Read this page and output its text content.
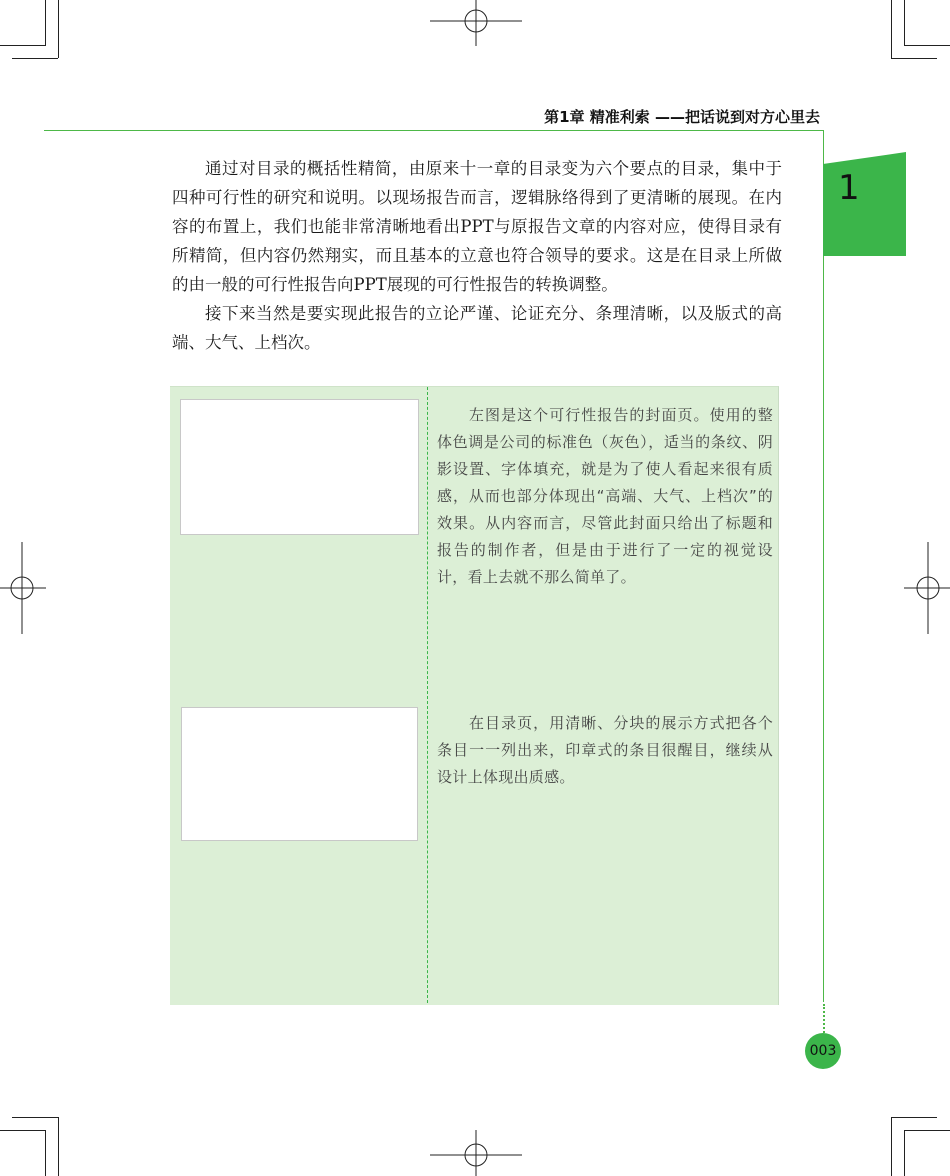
第1章 精准利索 ——把话说到对方心里去
1

通过对目录的概括性精简，由原来十一章的目录变为六个要点的目录，集中于四种可行性的研究和说明。以现场报告而言，逻辑脉络得到了更清晰的展现。在内容的布置上，我们也能非常清晰地看出PPT与原报告文章的内容对应，使得目录有所精简，但内容仍然翔实，而且基本的立意也符合领导的要求。这是在目录上所做的由一般的可行性报告向PPT展现的可行性报告的转换调整。

接下来当然是要实现此报告的立论严谨、论证充分、条理清晰，以及版式的高端、大气、上档次。

左图是这个可行性报告的封面页。使用的整体色调是公司的标准色（灰色），适当的条纹、阴影设置、字体填充，就是为了使人看起来很有质感，从而也部分体现出“高端、大气、上档次”的效果。从内容而言，尽管此封面只给出了标题和报告的制作者，但是由于进行了一定的视觉设计，看上去就不那么简单了。

在目录页，用清晰、分块的展示方式把各个条目一一列出来，印章式的条目很醒目，继续从设计上体现出质感。

003
